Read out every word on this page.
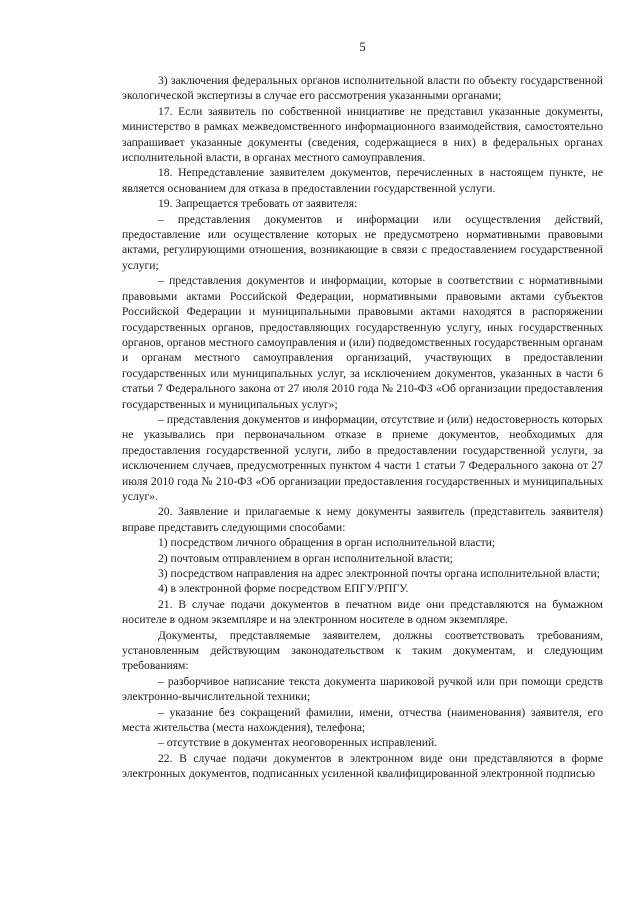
5

3) заключения федеральных органов исполнительной власти по объекту государственной экологической экспертизы в случае его рассмотрения указанными органами;

17. Если заявитель по собственной инициативе не представил указанные документы, министерство в рамках межведомственного информационного взаимодействия, самостоятельно запрашивает указанные документы (сведения, содержащиеся в них) в федеральных органах исполнительной власти, в органах местного самоуправления.

18. Непредставление заявителем документов, перечисленных в настоящем пункте, не является основанием для отказа в предоставлении государственной услуги.

19. Запрещается требовать от заявителя:

– представления документов и информации или осуществления действий, предоставление или осуществление которых не предусмотрено нормативными правовыми актами, регулирующими отношения, возникающие в связи с предоставлением государственной услуги;

– представления документов и информации, которые в соответствии с нормативными правовыми актами Российской Федерации, нормативными правовыми актами субъектов Российской Федерации и муниципальными правовыми актами находятся в распоряжении государственных органов, предоставляющих государственную услугу, иных государственных органов, органов местного самоуправления и (или) подведомственных государственным органам и органам местного самоуправления организаций, участвующих в предоставлении государственных или муниципальных услуг, за исключением документов, указанных в части 6 статьи 7 Федерального закона от 27 июля 2010 года № 210-ФЗ «Об организации предоставления государственных и муниципальных услуг»;

– представления документов и информации, отсутствие и (или) недостоверность которых не указывались при первоначальном отказе в приеме документов, необходимых для предоставления государственной услуги, либо в предоставлении государственной услуги, за исключением случаев, предусмотренных пунктом 4 части 1 статьи 7 Федерального закона от 27 июля 2010 года № 210-ФЗ «Об организации предоставления государственных и муниципальных услуг».

20. Заявление и прилагаемые к нему документы заявитель (представитель заявителя) вправе представить следующими способами:

1) посредством личного обращения в орган исполнительной власти;

2) почтовым отправлением в орган исполнительной власти;

3) посредством направления на адрес электронной почты органа исполнительной власти;

4) в электронной форме посредством ЕПГУ/РПГУ.

21. В случае подачи документов в печатном виде они представляются на бумажном носителе в одном экземпляре и на электронном носителе в одном экземпляре.

Документы, представляемые заявителем, должны соответствовать требованиям, установленным действующим законодательством к таким документам, и следующим требованиям:

– разборчивое написание текста документа шариковой ручкой или при помощи средств электронно-вычислительной техники;

– указание без сокращений фамилии, имени, отчества (наименования) заявителя, его места жительства (места нахождения), телефона;

– отсутствие в документах неоговоренных исправлений.

22. В случае подачи документов в электронном виде они представляются в форме электронных документов, подписанных усиленной квалифицированной электронной подписью
